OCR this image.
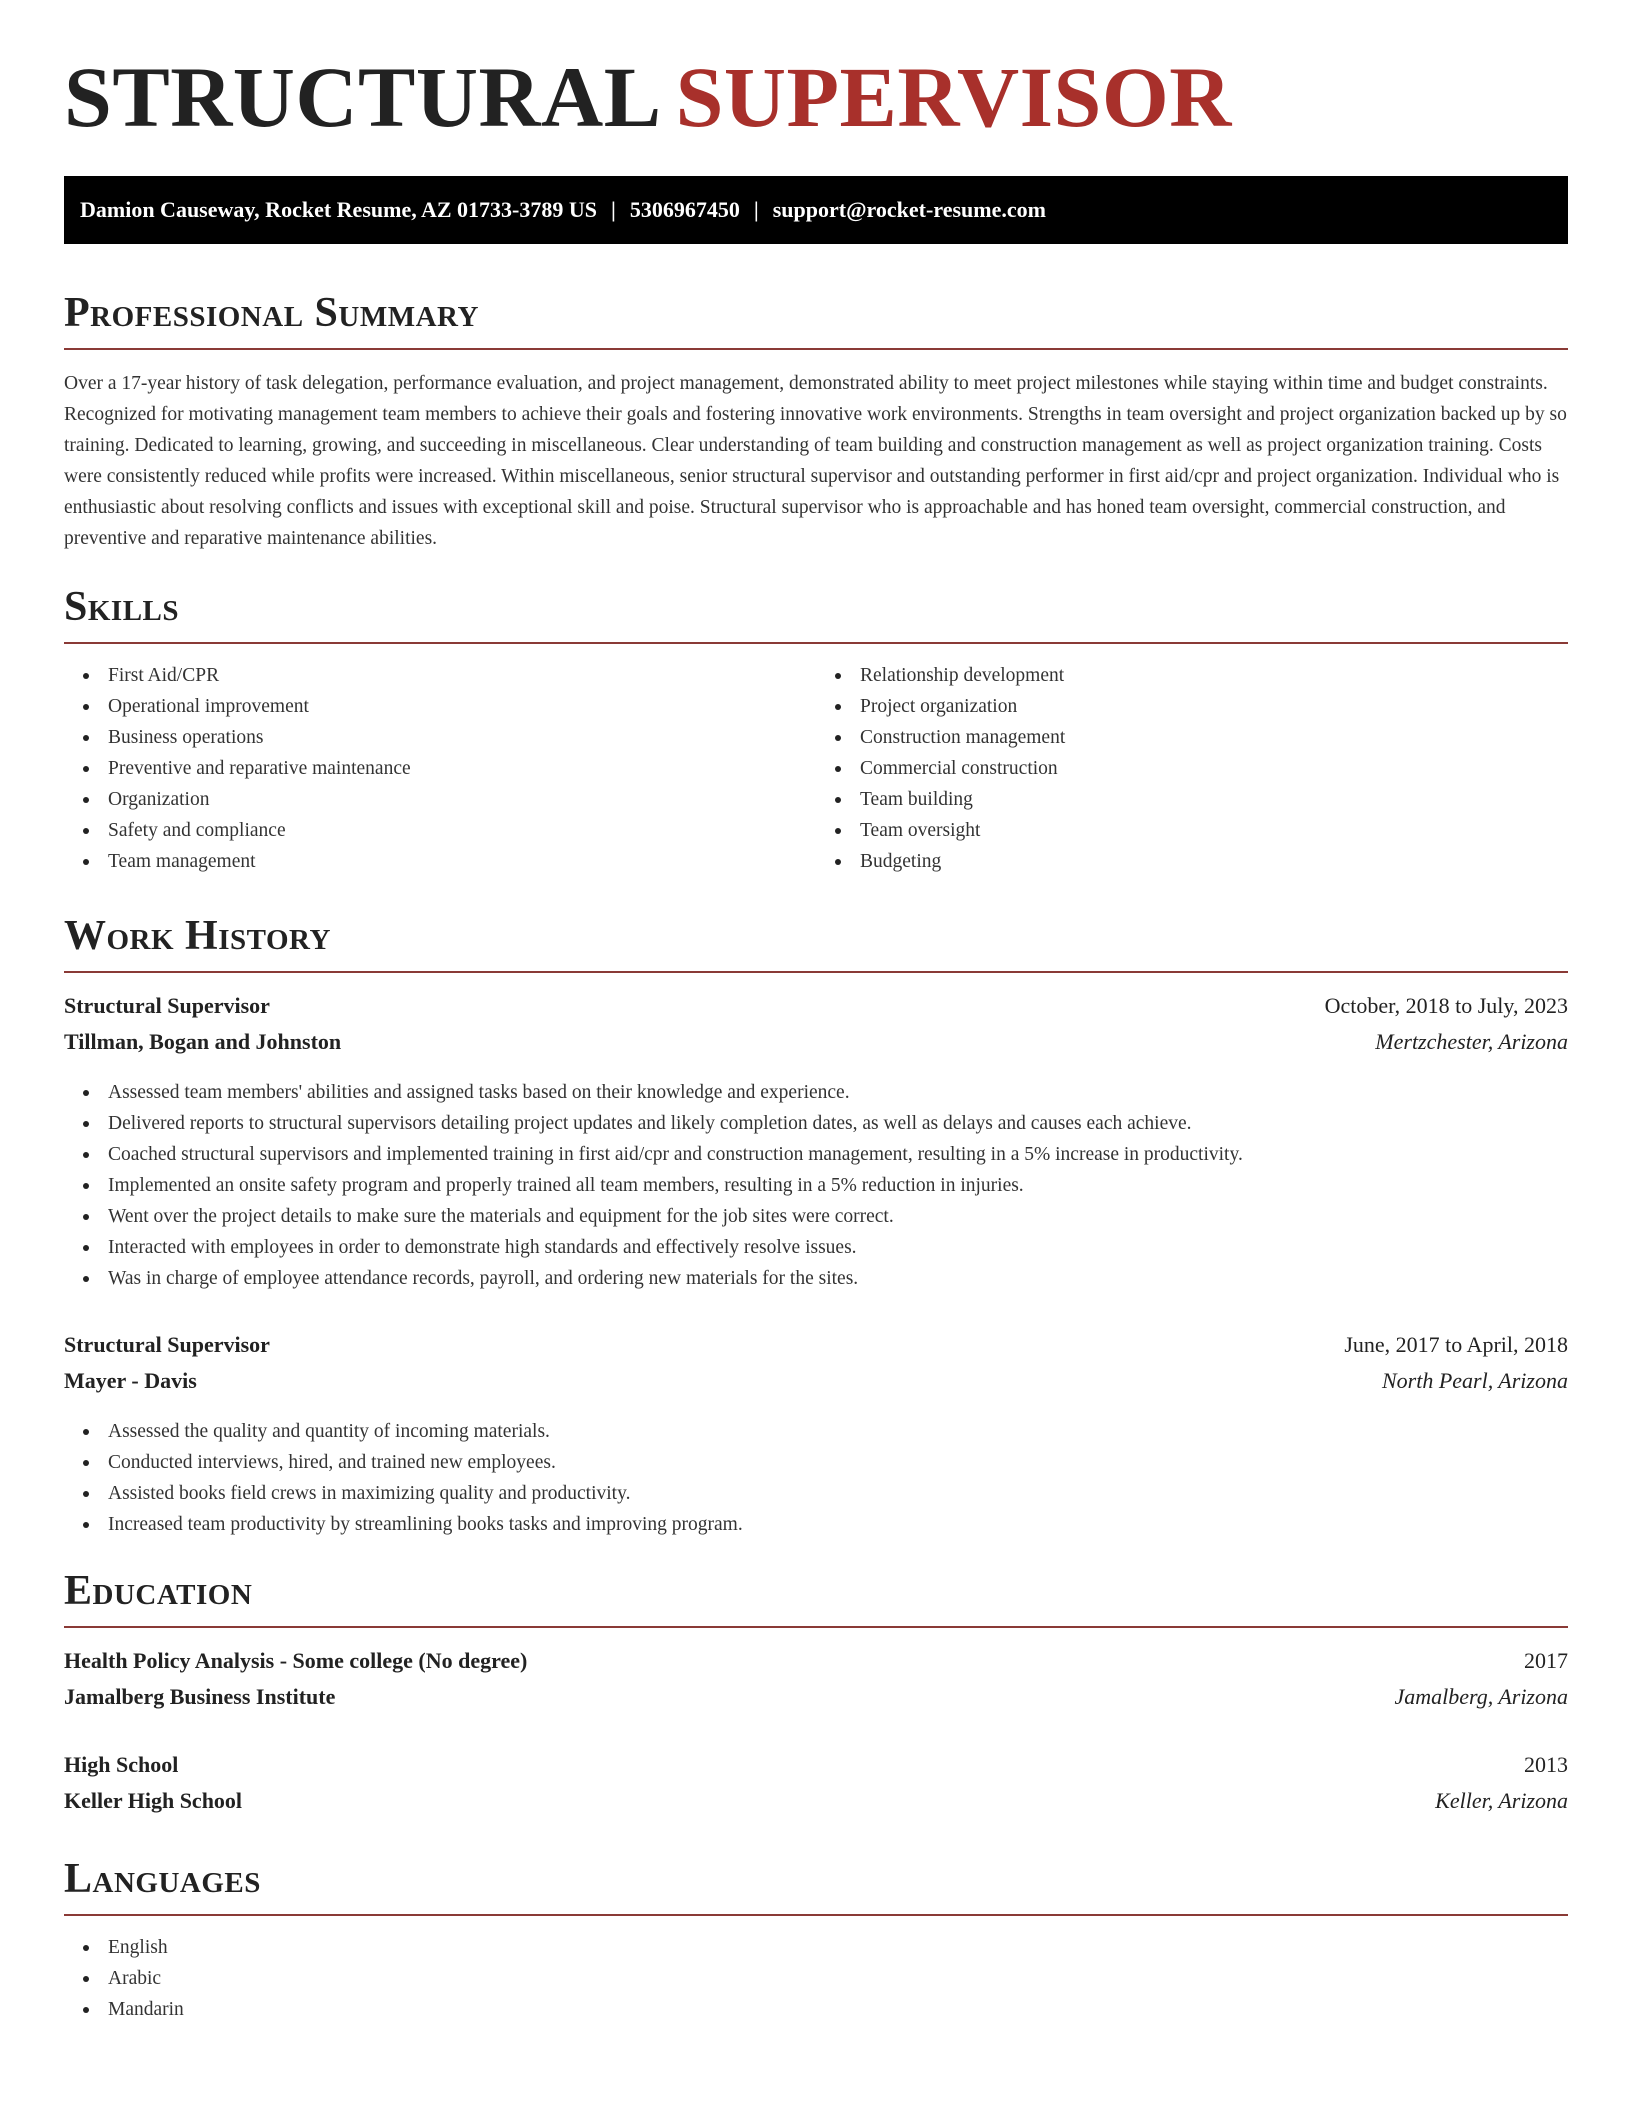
STRUCTURAL SUPERVISOR
Damion Causeway, Rocket Resume, AZ 01733-3789 US | 5306967450 | support@rocket-resume.com
Professional Summary

Over a 17-year history of task delegation, performance evaluation, and project management, demonstrated ability to meet project milestones while staying within time and budget constraints. Recognized for motivating management team members to achieve their goals and fostering innovative work environments. Strengths in team oversight and project organization backed up by so training. Dedicated to learning, growing, and succeeding in miscellaneous. Clear understanding of team building and construction management as well as project organization training. Costs were consistently reduced while profits were increased. Within miscellaneous, senior structural supervisor and outstanding performer in first aid/cpr and project organization. Individual who is enthusiastic about resolving conflicts and issues with exceptional skill and poise. Structural supervisor who is approachable and has honed team oversight, commercial construction, and preventive and reparative maintenance abilities.

Skills
First Aid/CPR
Operational improvement
Business operations
Preventive and reparative maintenance
Organization
Safety and compliance
Team management
Relationship development
Project organization
Construction management
Commercial construction
Team building
Team oversight
Budgeting
Work History
Structural Supervisor	October, 2018 to July, 2023
Tillman, Bogan and Johnston	Mertzchester, Arizona
Assessed team members' abilities and assigned tasks based on their knowledge and experience.
Delivered reports to structural supervisors detailing project updates and likely completion dates, as well as delays and causes each achieve.
Coached structural supervisors and implemented training in first aid/cpr and construction management, resulting in a 5% increase in productivity.
Implemented an onsite safety program and properly trained all team members, resulting in a 5% reduction in injuries.
Went over the project details to make sure the materials and equipment for the job sites were correct.
Interacted with employees in order to demonstrate high standards and effectively resolve issues.
Was in charge of employee attendance records, payroll, and ordering new materials for the sites.
Structural Supervisor	June, 2017 to April, 2018
Mayer - Davis	North Pearl, Arizona
Assessed the quality and quantity of incoming materials.
Conducted interviews, hired, and trained new employees.
Assisted books field crews in maximizing quality and productivity.
Increased team productivity by streamlining books tasks and improving program.
Education
Health Policy Analysis - Some college (No degree)	2017
Jamalberg Business Institute	Jamalberg, Arizona
High School	2013
Keller High School	Keller, Arizona
Languages
English
Arabic
Mandarin
